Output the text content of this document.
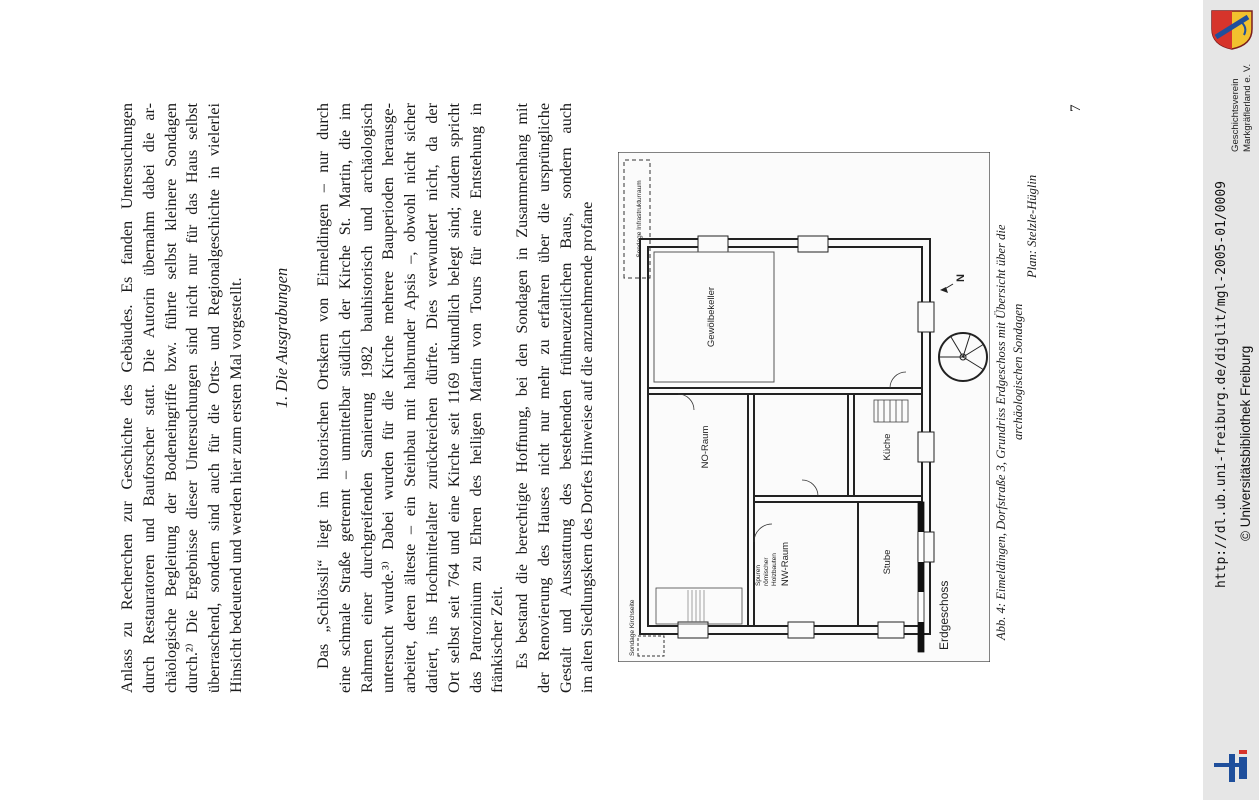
Anlass zu Recherchen zur Geschichte des Gebäudes. Es fanden Untersuchungen durch Restauratoren und Bauforscher statt. Die Autorin übernahm dabei die ar- chäologische Begleitung der Bodeneingriffe bzw. führte selbst kleinere Sondagen durch.²⁾ Die Ergebnisse dieser Untersuchungen sind nicht nur für das Haus selbst überraschend, sondern sind auch für die Orts- und Regionalgeschichte in vielerlei Hinsicht bedeutend und werden hier zum ersten Mal vorgestellt. 1. Die Ausgrabungen Das „Schlössli“ liegt im historischen Ortskern von Eimeldingen – nur durch eine schmale Straße getrennt – unmittelbar südlich der Kirche St. Martin, die im Rahmen einer durchgreifenden Sanierung 1982 bauhistorisch und archäologisch untersucht wurde.³⁾ Dabei wurden für die Kirche mehrere Bauperioden herausge- arbeitet, deren älteste – ein Steinbau mit halbrunder Apsis –, obwohl nicht sicher datiert, ins Hochmittelalter zurückreichen dürfte. Dies verwundert nicht, da der Ort selbst seit 764 und eine Kirche seit 1169 urkundlich belegt sind; zudem spricht das Patrozinium zu Ehren des heiligen Martin von Tours für eine Entstehung in fränkischer Zeit. Es bestand die berechtigte Hoffnung, bei den Sondagen in Zusammenhang mit der Renovierung des Hauses nicht nur mehr zu erfahren über die ursprüngliche Gestalt und Ausstattung des bestehenden frühneuzeitlichen Baus, sondern auch im alten Siedlungskern des Dorfes Hinweise auf die anzunehmende profane	Sondage Infrastrukturraum
Gewölbekeller
NO-Raum	Küche
NW-Raum	Stube
Spuren römischer Holzbauten
Sondage Kirchseite	Erdgeschoss
N Abb. 4: Eimeldingen, Dorfstraße 3, Grundriss Erdgeschoss mit Übersicht über die archäologischen Sondagen
Plan: Stelzle-Hüglin
7
http://dl.ub.uni-freiburg.de/diglit/mgl-2005-01/0009 © Universitätsbibliothek Freiburg
Geschichtsverein Markgräflerland e. V.
